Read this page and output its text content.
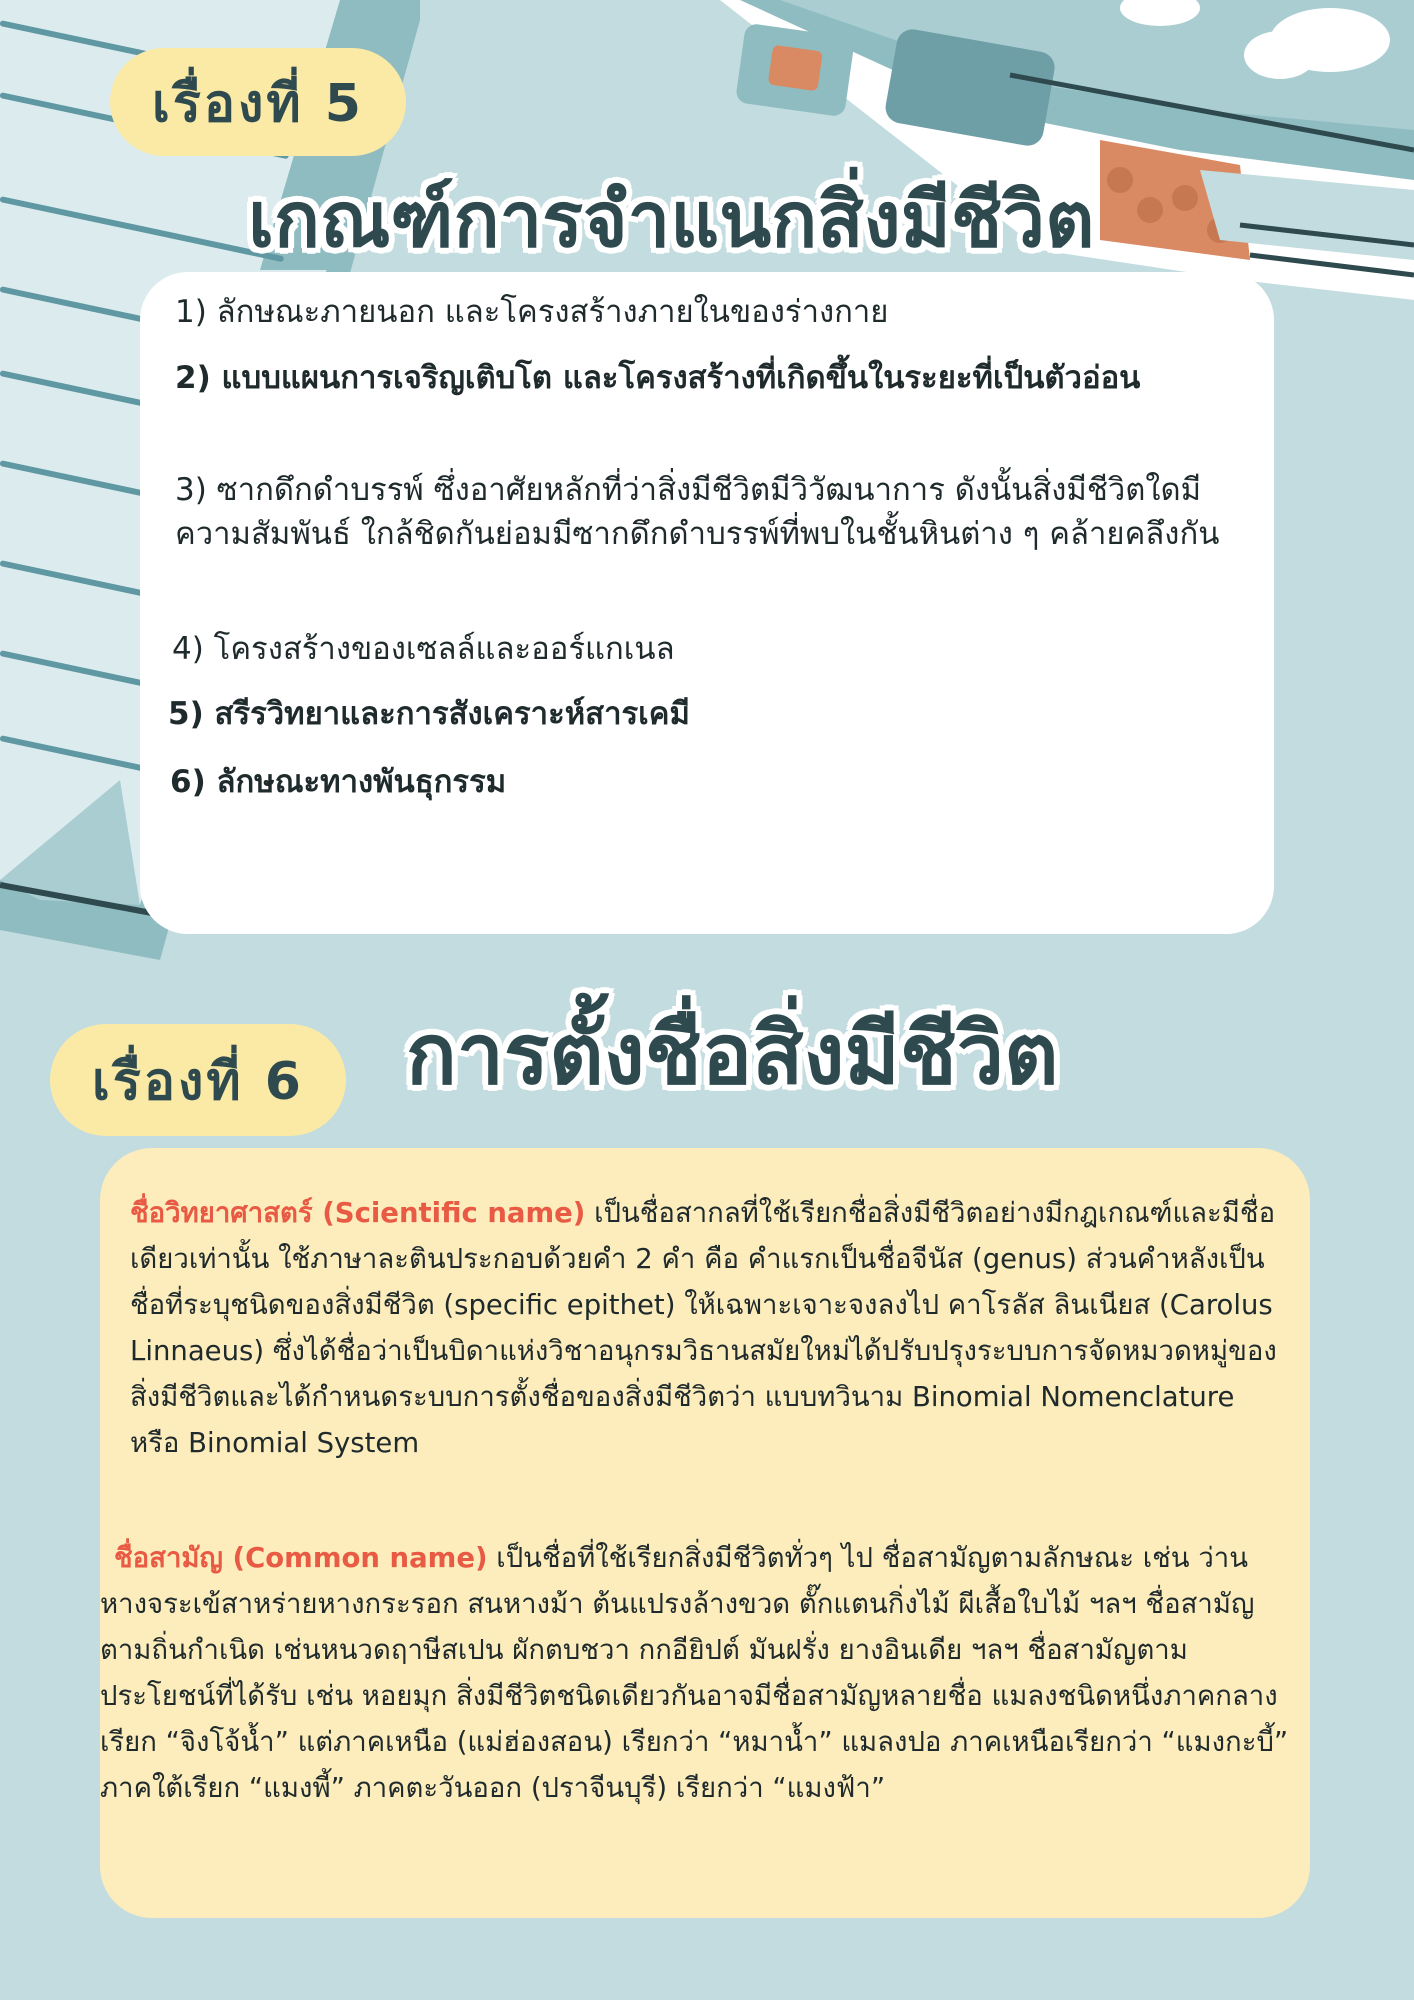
เรื่องที่ 5
เกณฑ์การจำแนกสิ่งมีชีวิต
1) ลักษณะภายนอก และโครงสร้างภายในของร่างกาย
2) แบบแผนการเจริญเติบโต และโครงสร้างที่เกิดขึ้นในระยะที่เป็นตัวอ่อน
3) ซากดึกดำบรรพ์ ซึ่งอาศัยหลักที่ว่าสิ่งมีชีวิตมีวิวัฒนาการ ดังนั้นสิ่งมีชีวิตใดมีความสัมพันธ์ ใกล้ชิดกันย่อมมีซากดึกดำบรรพ์ที่พบในชั้นหินต่าง ๆ คล้ายคลึงกัน
4) โครงสร้างของเซลล์และออร์แกเนล
5) สรีรวิทยาและการสังเคราะห์สารเคมี
6) ลักษณะทางพันธุกรรม
เรื่องที่ 6	การตั้งชื่อสิ่งมีชีวิต
ชื่อวิทยาศาสตร์ (Scientific name) เป็นชื่อสากลที่ใช้เรียกชื่อสิ่งมีชีวิตอย่างมีกฎเกณฑ์และมีชื่อเดียวเท่านั้น ใช้ภาษาละตินประกอบด้วยคำ 2 คำ คือ คำแรกเป็นชื่อจีนัส (genus) ส่วนคำหลังเป็นชื่อที่ระบุชนิดของสิ่งมีชีวิต (specific epithet) ให้เฉพาะเจาะจงลงไป คาโรลัส ลินเนียส (Carolus Linnaeus) ซึ่งได้ชื่อว่าเป็นบิดาแห่งวิชาอนุกรมวิธานสมัยใหม่ได้ปรับปรุงระบบการจัดหมวดหมู่ของสิ่งมีชีวิตและได้กำหนดระบบการตั้งชื่อของสิ่งมีชีวิตว่า แบบทวินาม Binomial Nomenclature หรือ Binomial System
ชื่อสามัญ (Common name) เป็นชื่อที่ใช้เรียกสิ่งมีชีวิตทั่วๆ ไป ชื่อสามัญตามลักษณะ เช่น ว่านหางจระเข้สาหร่ายหางกระรอก สนหางม้า ต้นแปรงล้างขวด ตั๊กแตนกิ่งไม้ ผีเสื้อใบไม้ ฯลฯ ชื่อสามัญตามถิ่นกำเนิด เช่นหนวดฤาษีสเปน ผักตบชวา กกอียิปต์ มันฝรั่ง ยางอินเดีย ฯลฯ ชื่อสามัญตามประโยชน์ที่ได้รับ เช่น หอยมุก สิ่งมีชีวิตชนิดเดียวกันอาจมีชื่อสามัญหลายชื่อ แมลงชนิดหนึ่งภาคกลางเรียก “จิงโจ้น้ำ” แต่ภาคเหนือ (แม่ฮ่องสอน) เรียกว่า “หมาน้ำ” แมลงปอ ภาคเหนือเรียกว่า “แมงกะบี้” ภาคใต้เรียก “แมงพี้” ภาคตะวันออก (ปราจีนบุรี) เรียกว่า “แมงฟ้า”
